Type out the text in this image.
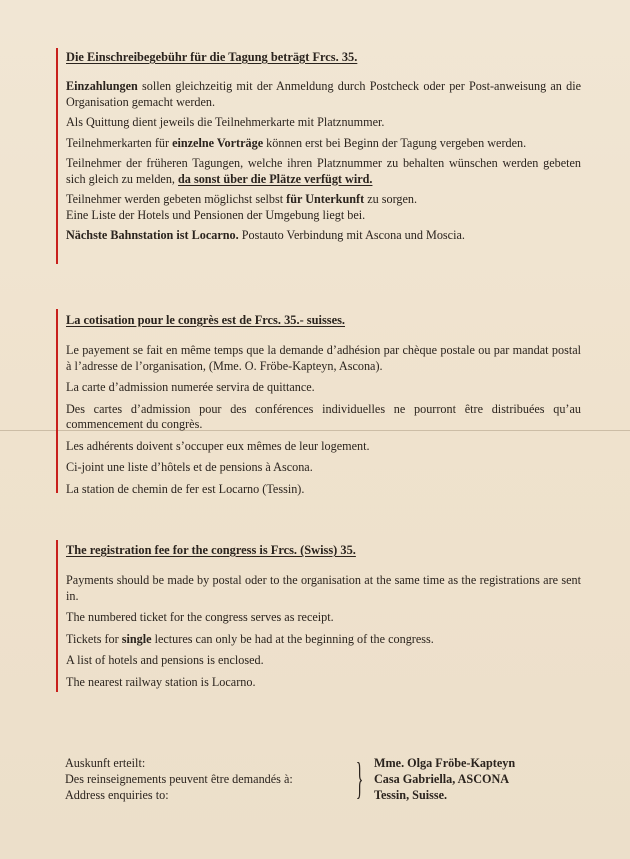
Die Einschreibegebühr für die Tagung beträgt Frcs. 35.

Einzahlungen sollen gleichzeitig mit der Anmeldung durch Postcheck oder per Post-anweisung an die Organisation gemacht werden.

Als Quittung dient jeweils die Teilnehmerkarte mit Platznummer.

Teilnehmerkarten für einzelne Vorträge können erst bei Beginn der Tagung vergeben werden.

Teilnehmer der früheren Tagungen, welche ihren Platznummer zu behalten wünschen werden gebeten sich gleich zu melden, da sonst über die Plätze verfügt wird.

Teilnehmer werden gebeten möglichst selbst für Unterkunft zu sorgen.

Eine Liste der Hotels und Pensionen der Umgebung liegt bei.

Nächste Bahnstation ist Locarno. Postauto Verbindung mit Ascona und Moscia.

La cotisation pour le congrès est de Frcs. 35.- suisses.

Le payement se fait en même temps que la demande d’adhésion par chèque postale ou par mandat postal à l’adresse de l’organisation, (Mme. O. Fröbe-Kapteyn, Ascona).

La carte d’admission numerée servira de quittance.

Des cartes d’admission pour des conférences individuelles ne pourront être distribuées qu’au commencement du congrès.

Les adhérents doivent s’occuper eux mêmes de leur logement.

Ci-joint une liste d’hôtels et de pensions à Ascona.

La station de chemin de fer est Locarno (Tessin).

The registration fee for the congress is Frcs. (Swiss) 35.

Payments should be made by postal oder to the organisation at the same time as the registrations are sent in.

The numbered ticket for the congress serves as receipt.

Tickets for single lectures can only be had at the beginning of the congress.

A list of hotels and pensions is enclosed.

The nearest railway station is Locarno.

Auskunft erteilt:
Des reinseignements peuvent être demandés à:
Address enquiries to:	} Mme. Olga Fröbe-Kapteyn
Casa Gabriella, ASCONA
Tessin, Suisse.
